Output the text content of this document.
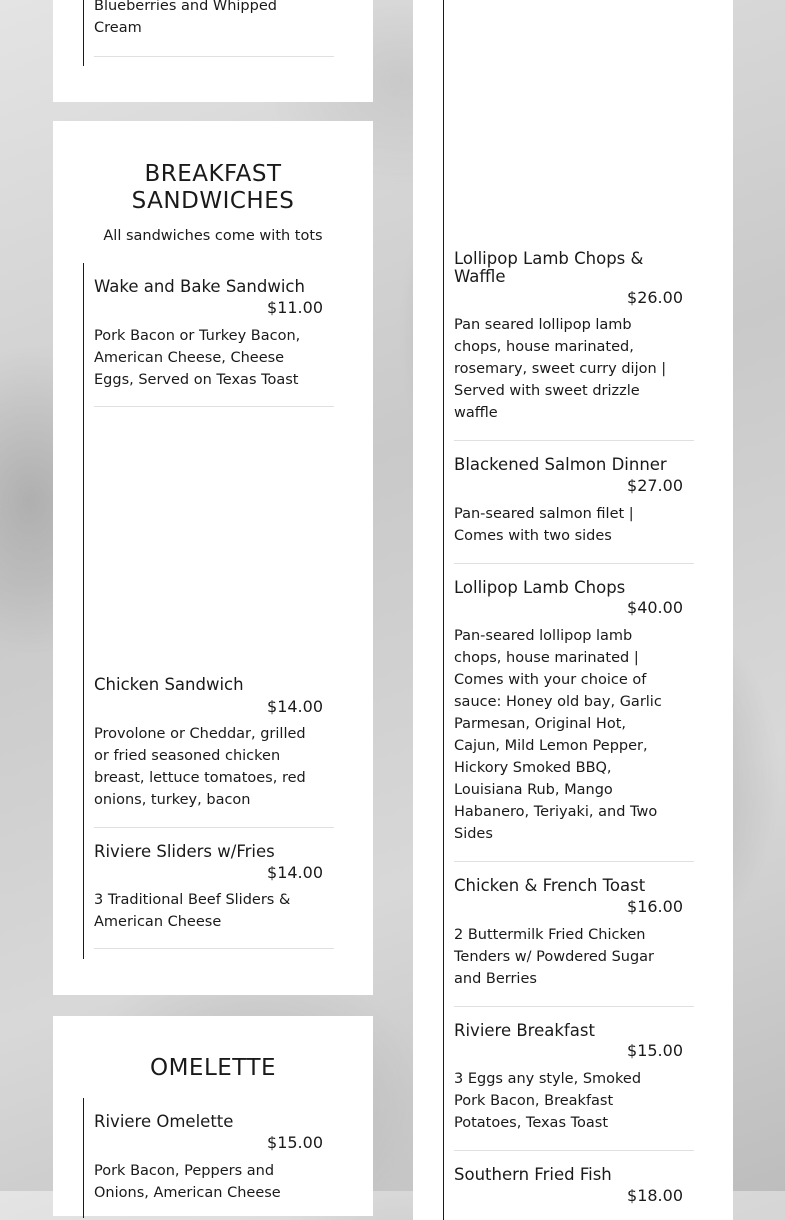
Blueberries and Whipped Cream

BREAKFAST SANDWICHES

All sandwiches come with tots

Wake and Bake Sandwich

$11.00

Pork Bacon or Turkey Bacon, American Cheese, Cheese Eggs, Served on Texas Toast

Chicken Sandwich

$14.00

Provolone or Cheddar, grilled or fried seasoned chicken breast, lettuce tomatoes, red onions, turkey, bacon

Riviere Sliders w/Fries

$14.00

3 Traditional Beef Sliders & American Cheese

OMELETTE

Riviere Omelette

$15.00

Pork Bacon, Peppers and Onions, American Cheese

Lollipop Lamb Chops & Waffle

$26.00

Pan seared lollipop lamb chops, house marinated, rosemary, sweet curry dijon | Served with sweet drizzle waffle

Blackened Salmon Dinner

$27.00

Pan-seared salmon filet | Comes with two sides

Lollipop Lamb Chops

$40.00

Pan-seared lollipop lamb chops, house marinated | Comes with your choice of sauce: Honey old bay, Garlic Parmesan, Original Hot, Cajun, Mild Lemon Pepper, Hickory Smoked BBQ, Louisiana Rub, Mango Habanero, Teriyaki, and Two Sides

Chicken & French Toast

$16.00

2 Buttermilk Fried Chicken Tenders w/ Powdered Sugar and Berries

Riviere Breakfast

$15.00

3 Eggs any style, Smoked Pork Bacon, Breakfast Potatoes, Texas Toast

Southern Fried Fish

$18.00
